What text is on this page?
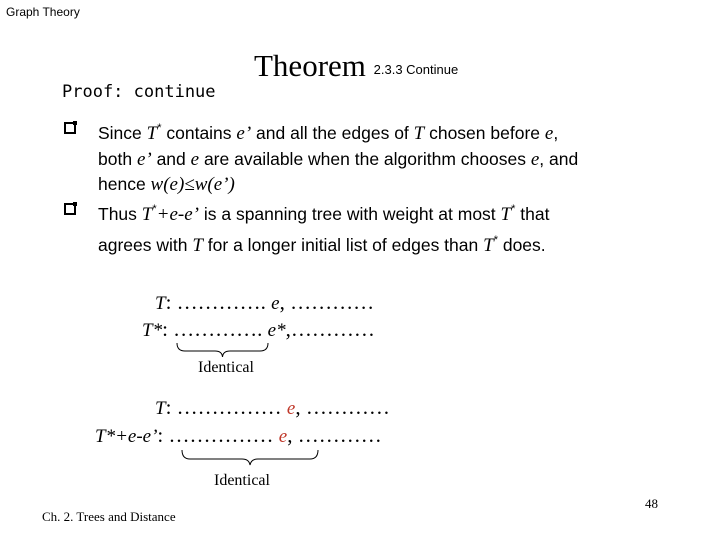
Graph Theory
Theorem 2.3.3 Continue
Proof: continue
Since T* contains e’ and all the edges of T chosen before e,
both e’ and e are available when the algorithm chooses e, and
hence w(e)≤w(e’)
Thus T*+e-e’ is a spanning tree with weight at most T* that
agrees with T for a longer initial list of edges than T* does.
T: …………. e, …………
T*: …………. e*,…………
Identical
T: …………… e, …………
T*+e-e’: …………… e, …………
Identical
Ch. 2. Trees and Distance
48
